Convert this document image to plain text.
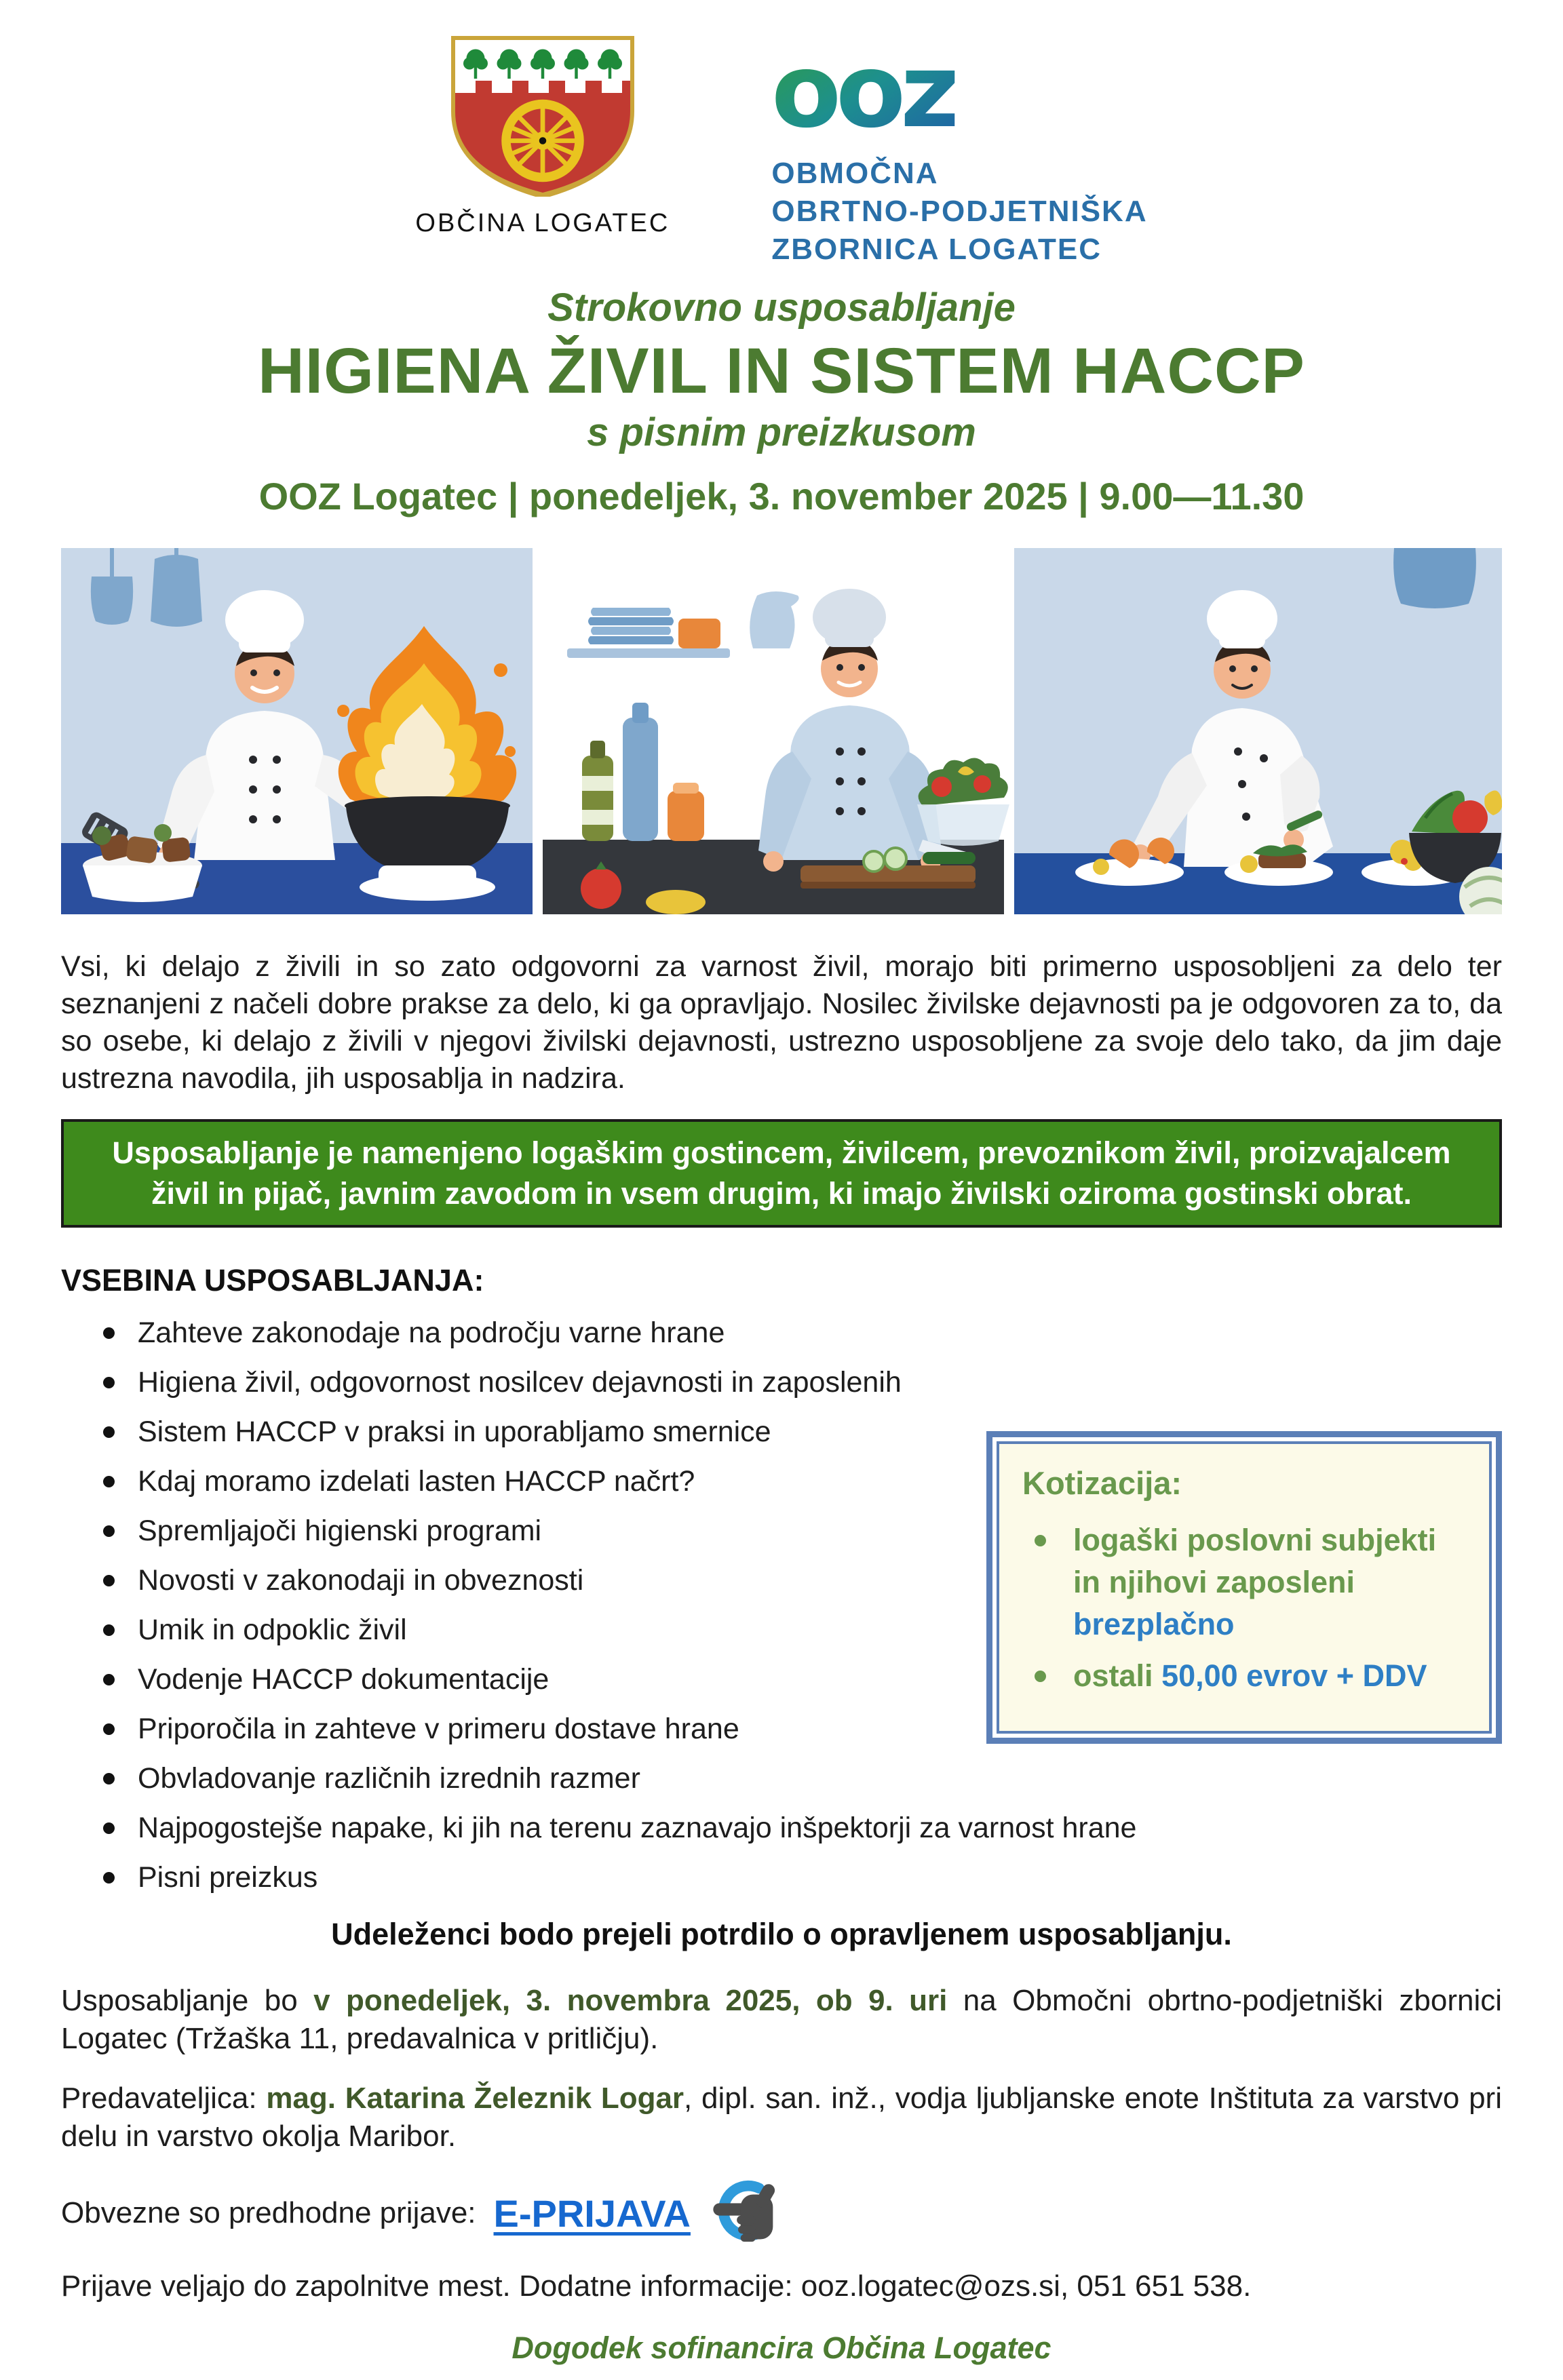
OBČINA LOGATEC
ooz
OBMOČNA
OBRTNO-PODJETNIŠKA
ZBORNICA LOGATEC
Strokovno usposabljanje
HIGIENA ŽIVIL IN SISTEM HACCP
s pisnim preizkusom
OOZ Logatec | ponedeljek, 3. november 2025 | 9.00—11.30

Vsi, ki delajo z živili in so zato odgovorni za varnost živil, morajo biti primerno usposobljeni za delo ter seznanjeni z načeli dobre prakse za delo, ki ga opravljajo. Nosilec živilske dejavnosti pa je odgovoren za to, da so osebe, ki delajo z živili v njegovi živilski dejavnosti, ustrezno usposobljene za svoje delo tako, da jim daje ustrezna navodila, jih usposablja in nadzira.

Usposabljanje je namenjeno logaškim gostincem, živilcem, prevoznikom živil, proizvajalcem živil in pijač, javnim zavodom in vsem drugim, ki imajo živilski oziroma gostinski obrat.
VSEBINA USPOSABLJANJA:
Zahteve zakonodaje na področju varne hrane
Higiena živil, odgovornost nosilcev dejavnosti in zaposlenih
Sistem HACCP v praksi in uporabljamo smernice
Kdaj moramo izdelati lasten HACCP načrt?
Spremljajoči higienski programi
Novosti v zakonodaji in obveznosti
Umik in odpoklic živil
Vodenje HACCP dokumentacije
Priporočila in zahteve v primeru dostave hrane
Obvladovanje različnih izrednih razmer
Najpogostejše napake, ki jih na terenu zaznavajo inšpektorji za varnost hrane
Pisni preizkus
Kotizacija:
logaški poslovni subjekti in njihovi zaposleni
brezplačno
ostali 50,00 evrov + DDV

Udeleženci bodo prejeli potrdilo o opravljenem usposabljanju.

Usposabljanje bo v ponedeljek, 3. novembra 2025, ob 9. uri na Območni obrtno-podjetniški zbornici Logatec (Tržaška 11, predavalnica v pritličju).

Predavateljica: mag. Katarina Železnik Logar, dipl. san. inž., vodja ljubljanske enote Inštituta za varstvo pri delu in varstvo okolja Maribor.

Obvezne so predhodne prijave: E-PRIJAVA

Prijave veljajo do zapolnitve mest. Dodatne informacije: ooz.logatec@ozs.si, 051 651 538.

Dogodek sofinancira Občina Logatec
